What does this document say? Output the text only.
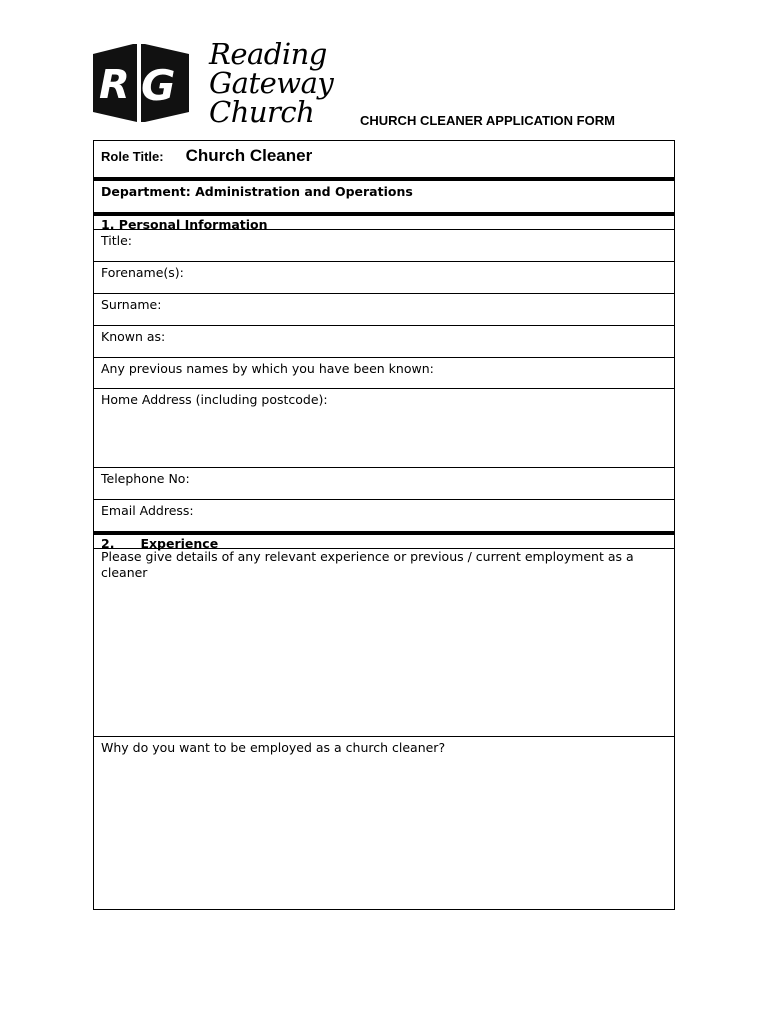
R G
Reading
Gateway
Church	CHURCH CLEANER APPLICATION FORM
Role Title: Church Cleaner
Department: Administration and Operations
1. Personal Information
Title:
Forename(s):
Surname:
Known as:
Any previous names by which you have been known:
Home Address (including postcode):
Telephone No:
Email Address:
2. Experience
Please give details of any relevant experience or previous / current employment as a cleaner
Why do you want to be employed as a church cleaner?
